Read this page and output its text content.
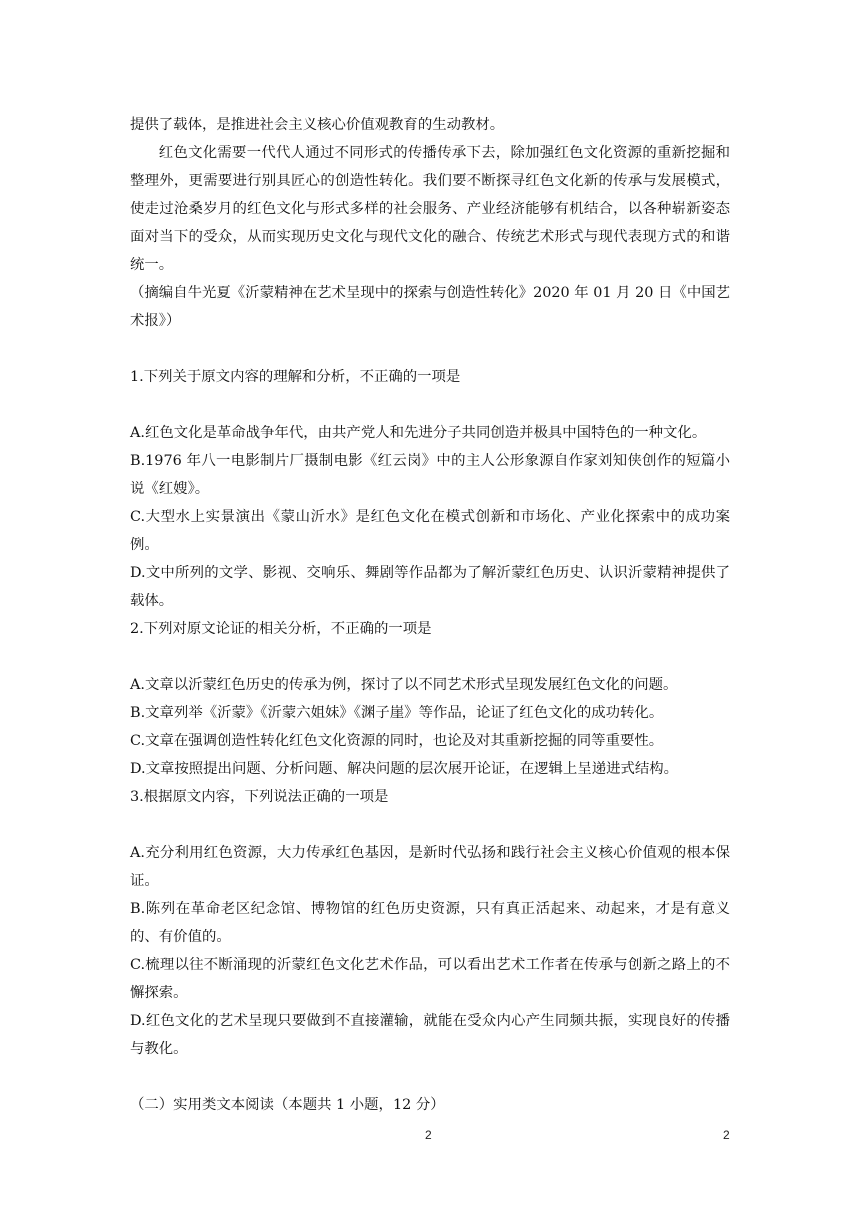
提供了载体，是推进社会主义核心价值观教育的生动教材。

红色文化需要一代代人通过不同形式的传播传承下去，除加强红色文化资源的重新挖掘和整理外，更需要进行别具匠心的创造性转化。我们要不断探寻红色文化新的传承与发展模式，使走过沧桑岁月的红色文化与形式多样的社会服务、产业经济能够有机结合，以各种崭新姿态面对当下的受众，从而实现历史文化与现代文化的融合、传统艺术形式与现代表现方式的和谐统一。

（摘编自牛光夏《沂蒙精神在艺术呈现中的探索与创造性转化》2020 年 01 月 20 日《中国艺术报》）

1.下列关于原文内容的理解和分析，不正确的一项是

A.红色文化是革命战争年代，由共产党人和先进分子共同创造并极具中国特色的一种文化。

B.1976 年八一电影制片厂摄制电影《红云岗》中的主人公形象源自作家刘知侠创作的短篇小说《红嫂》。

C.大型水上实景演出《蒙山沂水》是红色文化在模式创新和市场化、产业化探索中的成功案例。

D.文中所列的文学、影视、交响乐、舞剧等作品都为了解沂蒙红色历史、认识沂蒙精神提供了载体。

2.下列对原文论证的相关分析，不正确的一项是

A.文章以沂蒙红色历史的传承为例，探讨了以不同艺术形式呈现发展红色文化的问题。

B.文章列举《沂蒙》《沂蒙六姐妹》《渊子崖》等作品，论证了红色文化的成功转化。

C.文章在强调创造性转化红色文化资源的同时，也论及对其重新挖掘的同等重要性。

D.文章按照提出问题、分析问题、解决问题的层次展开论证，在逻辑上呈递进式结构。

3.根据原文内容，下列说法正确的一项是

A.充分利用红色资源，大力传承红色基因，是新时代弘扬和践行社会主义核心价值观的根本保证。

B.陈列在革命老区纪念馆、博物馆的红色历史资源，只有真正活起来、动起来，才是有意义的、有价值的。

C.梳理以往不断涌现的沂蒙红色文化艺术作品，可以看出艺术工作者在传承与创新之路上的不懈探索。

D.红色文化的艺术呈现只要做到不直接灌输，就能在受众内心产生同频共振，实现良好的传播与教化。

（二）实用类文本阅读（本题共 1 小题，12 分）

2	2
